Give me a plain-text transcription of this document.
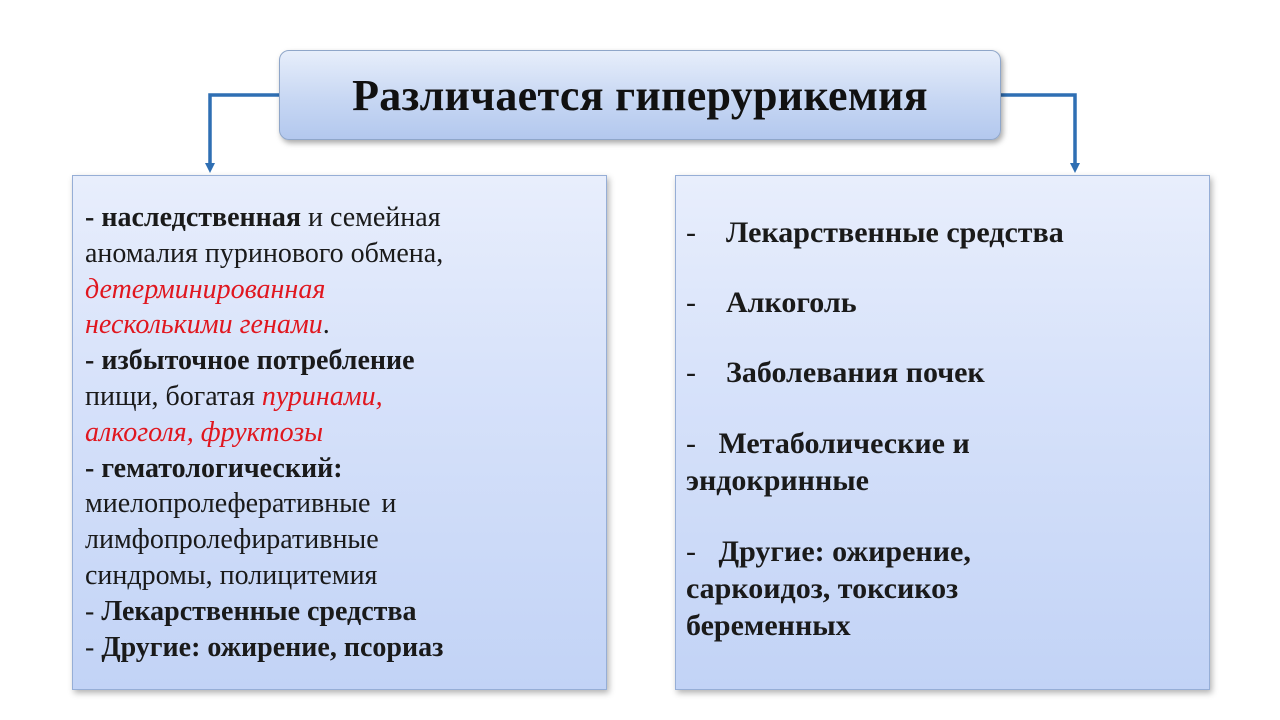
Различается гиперурикемия
- наследственная и семейная
аномалия пуринового обмена,
детерминированная
несколькими генами.
- избыточное потребление
пищи, богатая пуринами,
алкоголя, фруктозы
- гематологический:
миелопролеферативные и
лимфопролефиративные
синдромы, полицитемия
- Лекарственные средства
- Другие: ожирение, псориаз
-    Лекарственные средства
-    Алкоголь
-    Заболевания почек
-   Метаболические и
эндокринные
-   Другие: ожирение,
саркоидоз, токсикоз
беременных
